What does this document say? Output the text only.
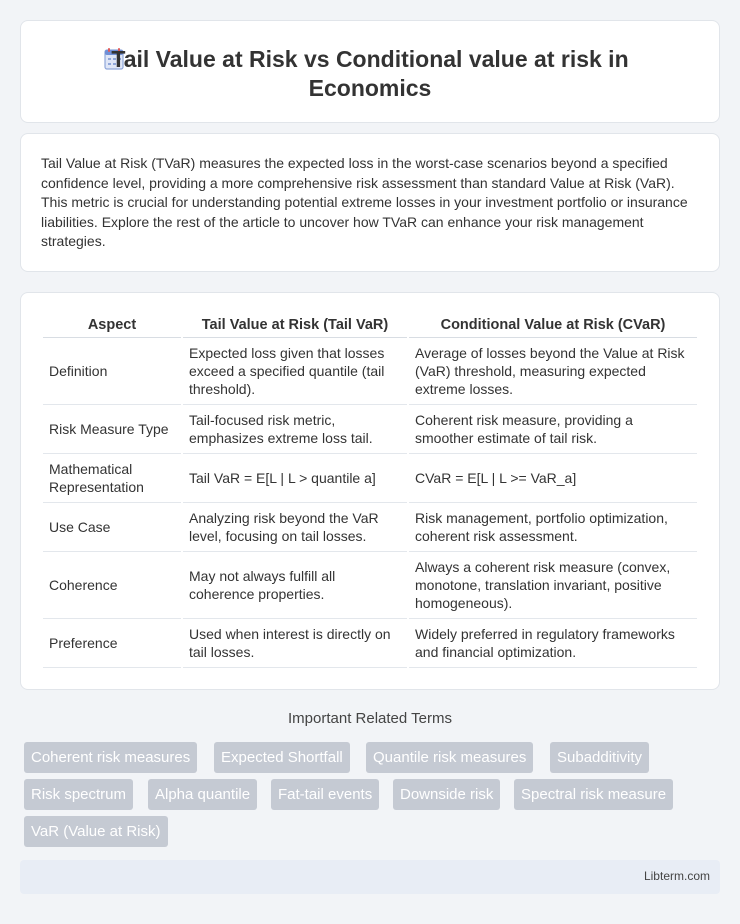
Tail Value at Risk vs Conditional value at risk in Economics

Tail Value at Risk (TVaR) measures the expected loss in the worst-case scenarios beyond a specified confidence level, providing a more comprehensive risk assessment than standard Value at Risk (VaR). This metric is crucial for understanding potential extreme losses in your investment portfolio or insurance liabilities. Explore the rest of the article to uncover how TVaR can enhance your risk management strategies.

Aspect	Tail Value at Risk (Tail VaR)	Conditional Value at Risk (CVaR)
Definition	Expected loss given that losses exceed a specified quantile (tail threshold).	Average of losses beyond the Value at Risk (VaR) threshold, measuring expected extreme losses.
Risk Measure Type	Tail-focused risk metric, emphasizes extreme loss tail.	Coherent risk measure, providing a smoother estimate of tail risk.
Mathematical Representation	Tail VaR = E[L | L > quantile a]	CVaR = E[L | L >= VaR_a]
Use Case	Analyzing risk beyond the VaR level, focusing on tail losses.	Risk management, portfolio optimization, coherent risk assessment.
Coherence	May not always fulfill all coherence properties.	Always a coherent risk measure (convex, monotone, translation invariant, positive homogeneous).
Preference	Used when interest is directly on tail losses.	Widely preferred in regulatory frameworks and financial optimization.
Important Related Terms
Coherent risk measures	Expected Shortfall	Quantile risk measures	Subadditivity
Risk spectrum	Alpha quantile	Fat-tail events	Downside risk	Spectral risk measure
VaR (Value at Risk)
Libterm.com
